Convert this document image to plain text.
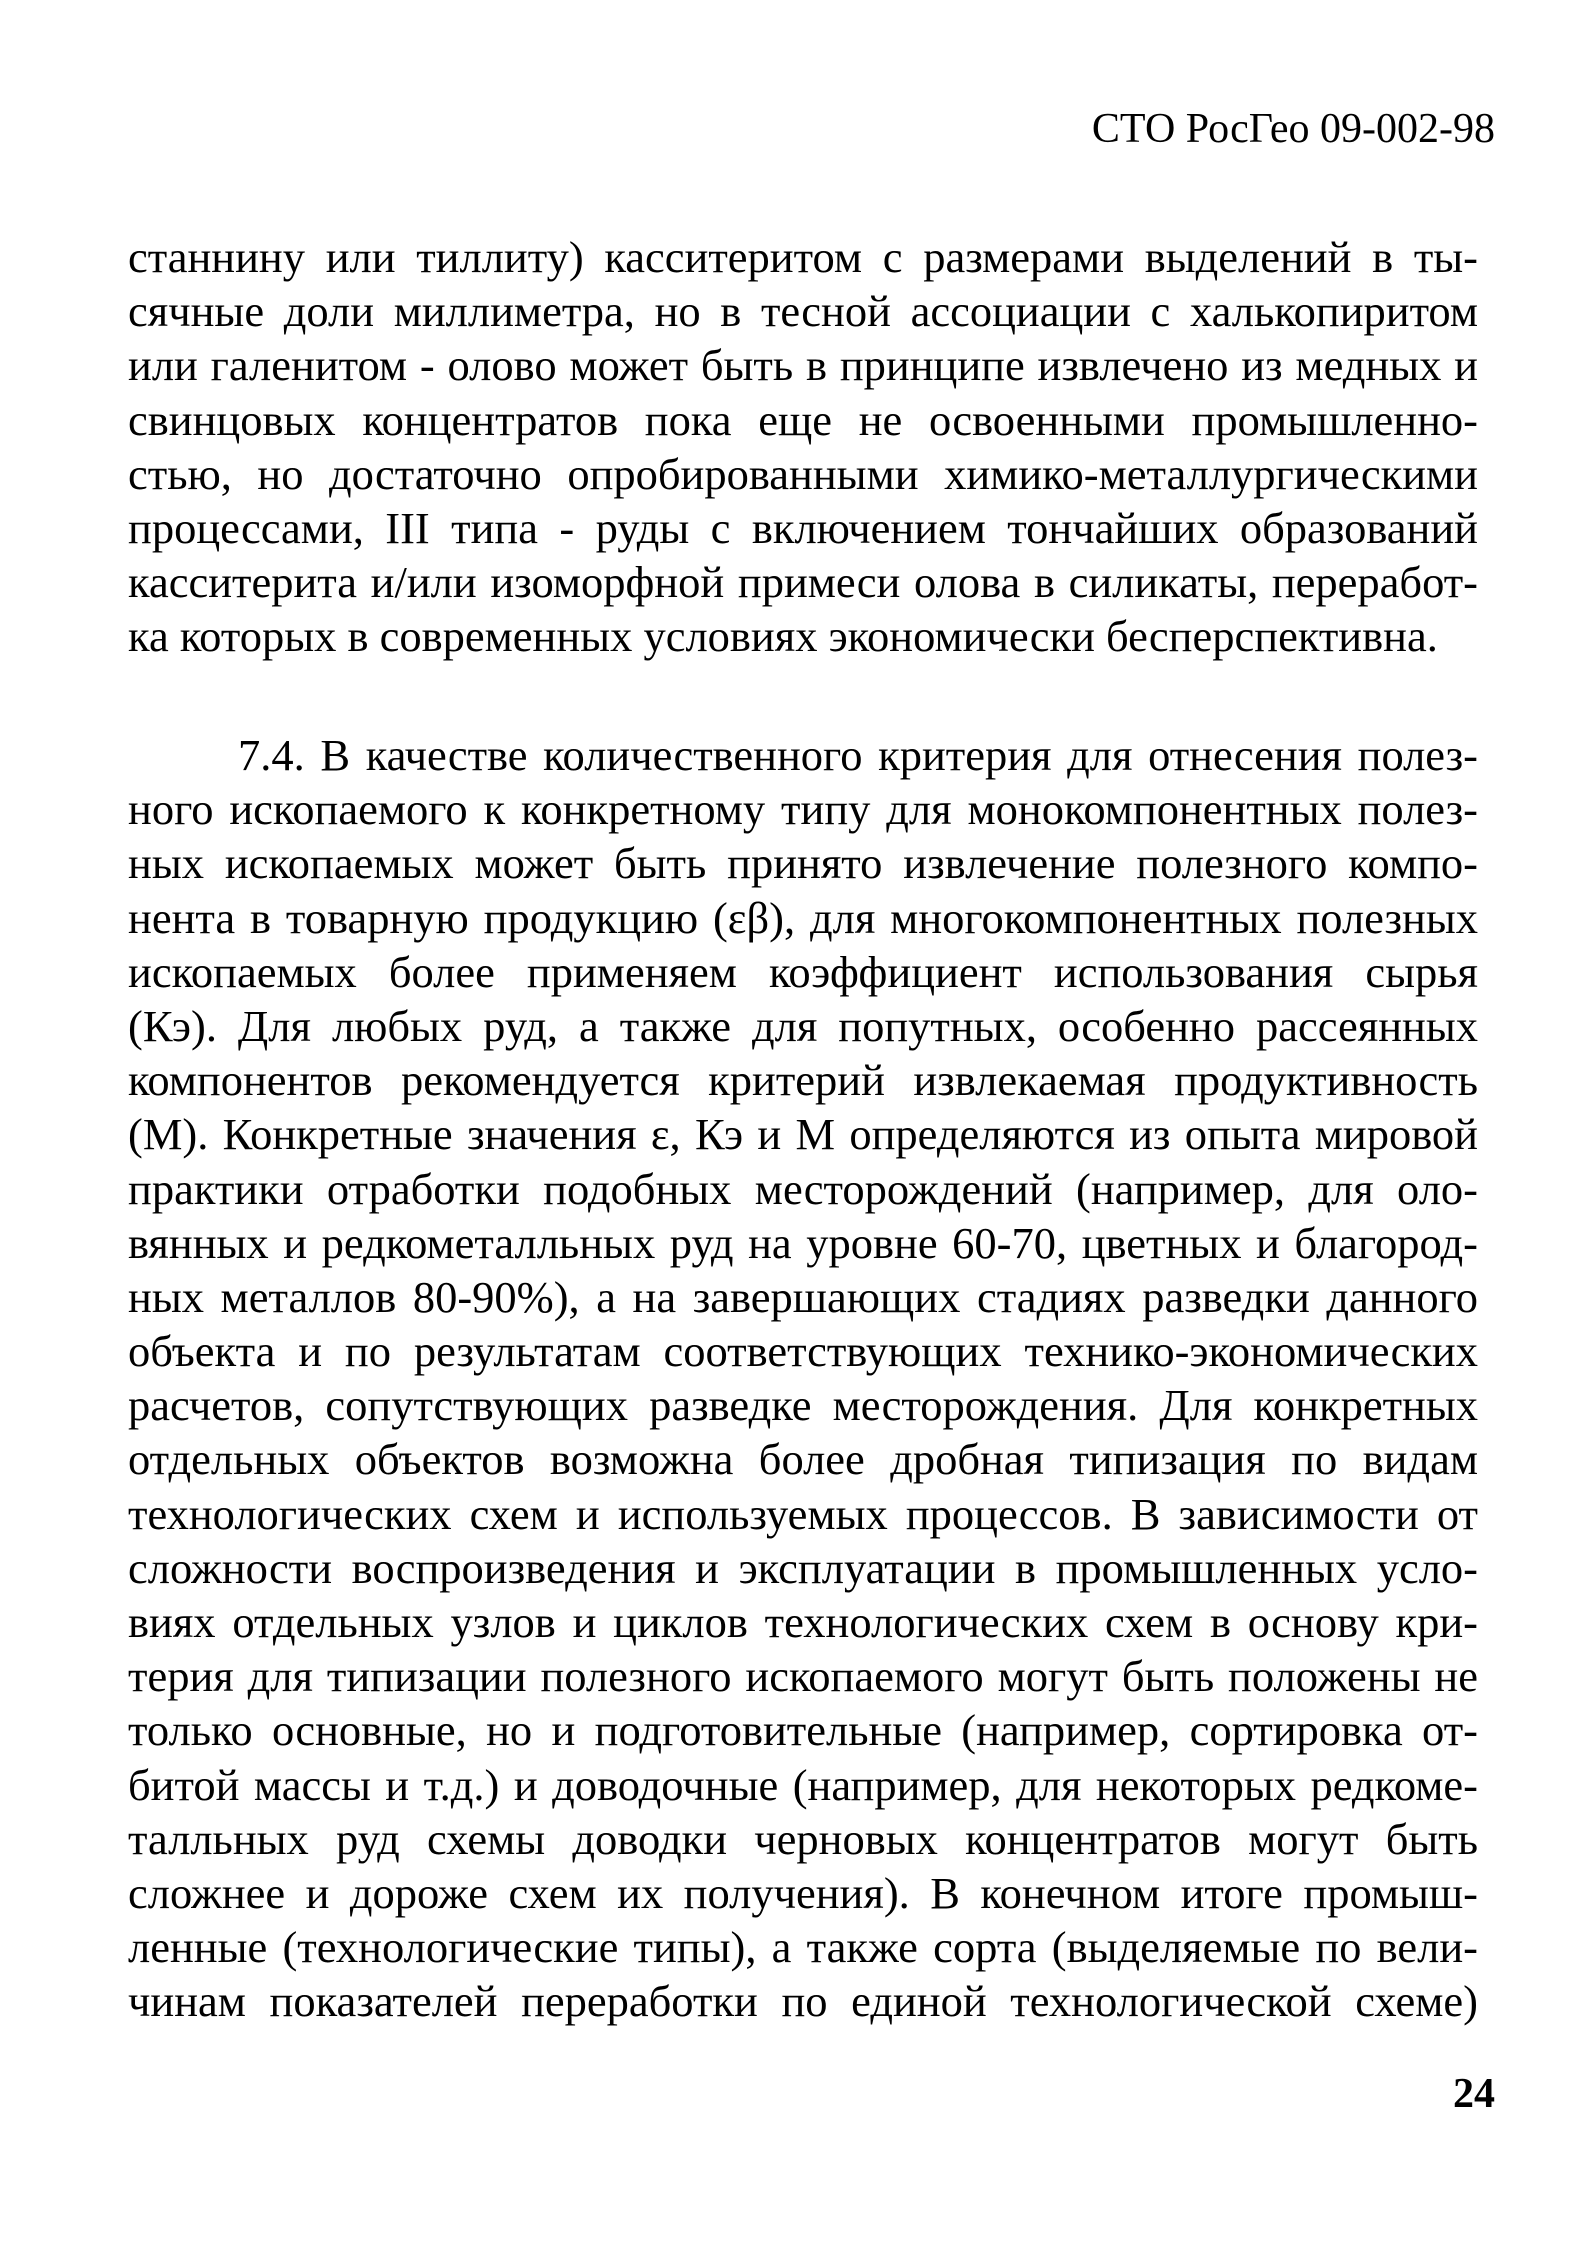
СТО РосГео 09-002-98
станнину или тиллиту) касситеритом с размерами выделений в ты-
сячные доли миллиметра, но в тесной ассоциации с халькопиритом
или галенитом - олово может быть в принципе извлечено из медных и
свинцовых концентратов пока еще не освоенными промышленно-
стью, но достаточно опробированными химико-металлургическими
процессами, III типа - руды с включением тончайших образований
касситерита и/или изоморфной примеси олова в силикаты, переработ-
ка которых в современных условиях экономически бесперспективна.
7.4. В качестве количественного критерия для отнесения полез-
ного ископаемого к конкретному типу для монокомпонентных полез-
ных ископаемых может быть принято извлечение полезного компо-
нента в товарную продукцию (εβ), для многокомпонентных полезных
ископаемых более применяем коэффициент использования сырья
(Кэ). Для любых руд, а также для попутных, особенно рассеянных
компонентов рекомендуется критерий извлекаемая продуктивность
(М). Конкретные значения ε, Кэ и М определяются из опыта мировой
практики отработки подобных месторождений (например, для оло-
вянных и редкометалльных руд на уровне 60-70, цветных и благород-
ных металлов 80-90%), а на завершающих стадиях разведки данного
объекта и по результатам соответствующих технико-экономических
расчетов, сопутствующих разведке месторождения. Для конкретных
отдельных объектов возможна более дробная типизация по видам
технологических схем и используемых процессов. В зависимости от
сложности воспроизведения и эксплуатации в промышленных усло-
виях отдельных узлов и циклов технологических схем в основу кри-
терия для типизации полезного ископаемого могут быть положены не
только основные, но и подготовительные (например, сортировка от-
битой массы и т.д.) и доводочные (например, для некоторых редкоме-
талльных руд схемы доводки черновых концентратов могут быть
сложнее и дороже схем их получения). В конечном итоге промыш-
ленные (технологические типы), а также сорта (выделяемые по вели-
чинам показателей переработки по единой технологической схеме)
24
